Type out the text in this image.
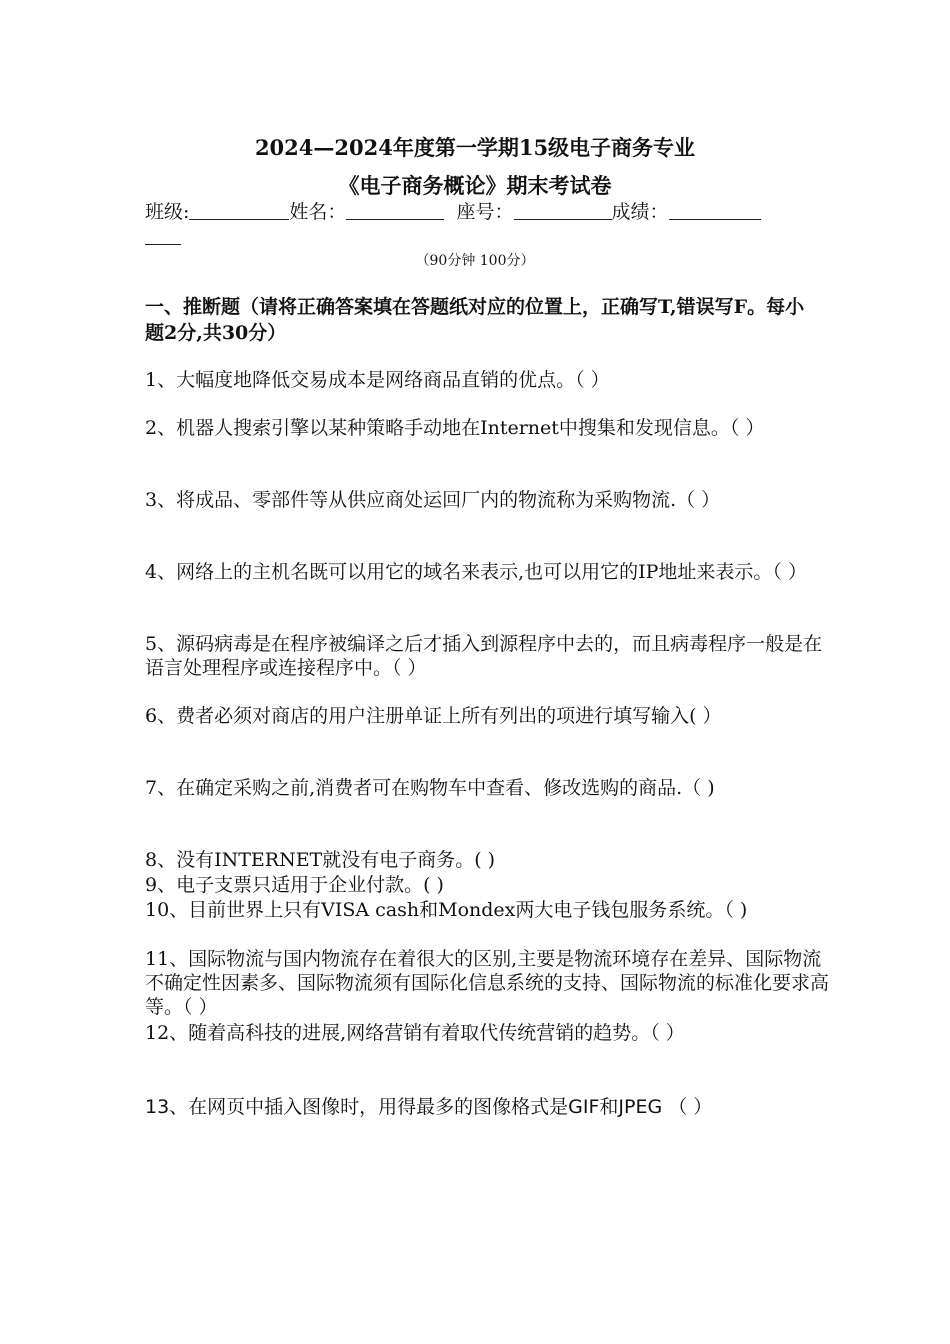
2024—2024年度第一学期15级电子商务专业
《电子商务概论》期末考试卷
班级:	姓名：	座号：	成绩：
（90分钟 100分）
一、推断题（请将正确答案填在答题纸对应的位置上，正确写T,错误写F。每小题2分,共30分）
1、大幅度地降低交易成本是网络商品直销的优点。（ ）
2、机器人搜索引擎以某种策略手动地在Internet中搜集和发现信息。（ ）
3、将成品、零部件等从供应商处运回厂内的物流称为采购物流.（ ）
4、网络上的主机名既可以用它的域名来表示,也可以用它的IP地址来表示。（ ）
5、源码病毒是在程序被编译之后才插入到源程序中去的，而且病毒程序一般是在语言处理程序或连接程序中。（ ）
6、费者必须对商店的用户注册单证上所有列出的项进行填写输入( ）
7、在确定采购之前,消费者可在购物车中查看、修改选购的商品.（ )
8、没有INTERNET就没有电子商务。( )
9、电子支票只适用于企业付款。( )
10、目前世界上只有VISA cash和Mondex两大电子钱包服务系统。（ )
11、国际物流与国内物流存在着很大的区别,主要是物流环境存在差异、国际物流不确定性因素多、国际物流须有国际化信息系统的支持、国际物流的标准化要求高等。（ ）
12、随着高科技的进展,网络营销有着取代传统营销的趋势。（ ）
13、在网页中插入图像时，用得最多的图像格式是GIF和JPEG （ ）
